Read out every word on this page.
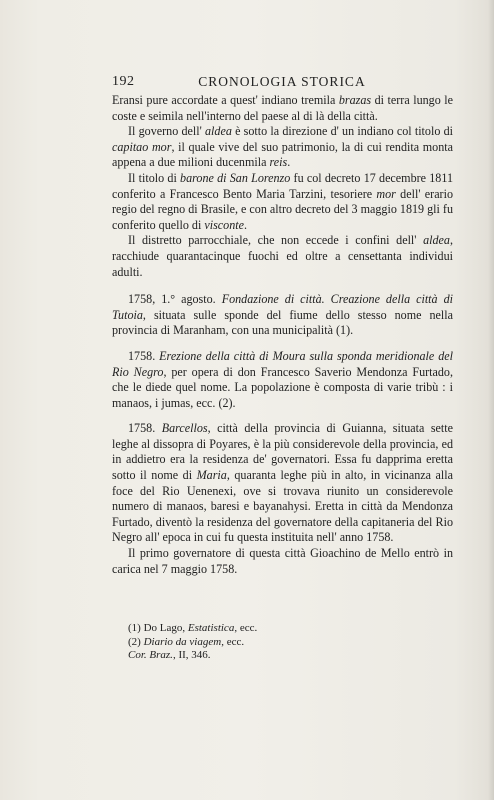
192	CRONOLOGIA STORICA

Eransi pure accordate a quest' indiano tremila brazas di terra lungo le coste e seimila nell'interno del paese al di là della città.

Il governo dell' aldea è sotto la direzione d' un indiano col titolo di capitao mor, il quale vive del suo patrimonio, la di cui rendita monta appena a due milioni ducenmila reis.

Il titolo di barone di San Lorenzo fu col decreto 17 decembre 1811 conferito a Francesco Bento Maria Tarzini, tesoriere mor dell' erario regio del regno di Brasile, e con altro decreto del 3 maggio 1819 gli fu conferito quello di visconte.

Il distretto parrocchiale, che non eccede i confini dell' aldea, racchiude quarantacinque fuochi ed oltre a censettanta individui adulti.

1758, 1.° agosto. Fondazione di città. Creazione della città di Tutoia, situata sulle sponde del fiume dello stesso nome nella provincia di Maranham, con una municipalità (1).

1758. Erezione della città di Moura sulla sponda meridionale del Rio Negro, per opera di don Francesco Saverio Mendonza Furtado, che le diede quel nome. La popolazione è composta di varie tribù : i manaos, i jumas, ecc. (2).

1758. Barcellos, città della provincia di Guianna, situata sette leghe al dissopra di Poyares, è la più considerevole della provincia, ed in addietro era la residenza de' governatori. Essa fu dapprima eretta sotto il nome di Maria, quaranta leghe più in alto, in vicinanza alla foce del Rio Uenenexi, ove si trovava riunito un considerevole numero di manaos, baresi e bayanahysi. Eretta in città da Mendonza Furtado, diventò la residenza del governatore della capitaneria del Rio Negro all' epoca in cui fu questa instituita nell' anno 1758.

Il primo governatore di questa città Gioachino de Mello entrò in carica nel 7 maggio 1758.

(1) Do Lago, Estatistica, ecc.
(2) Diario da viagem, ecc.
Cor. Braz., II, 346.
